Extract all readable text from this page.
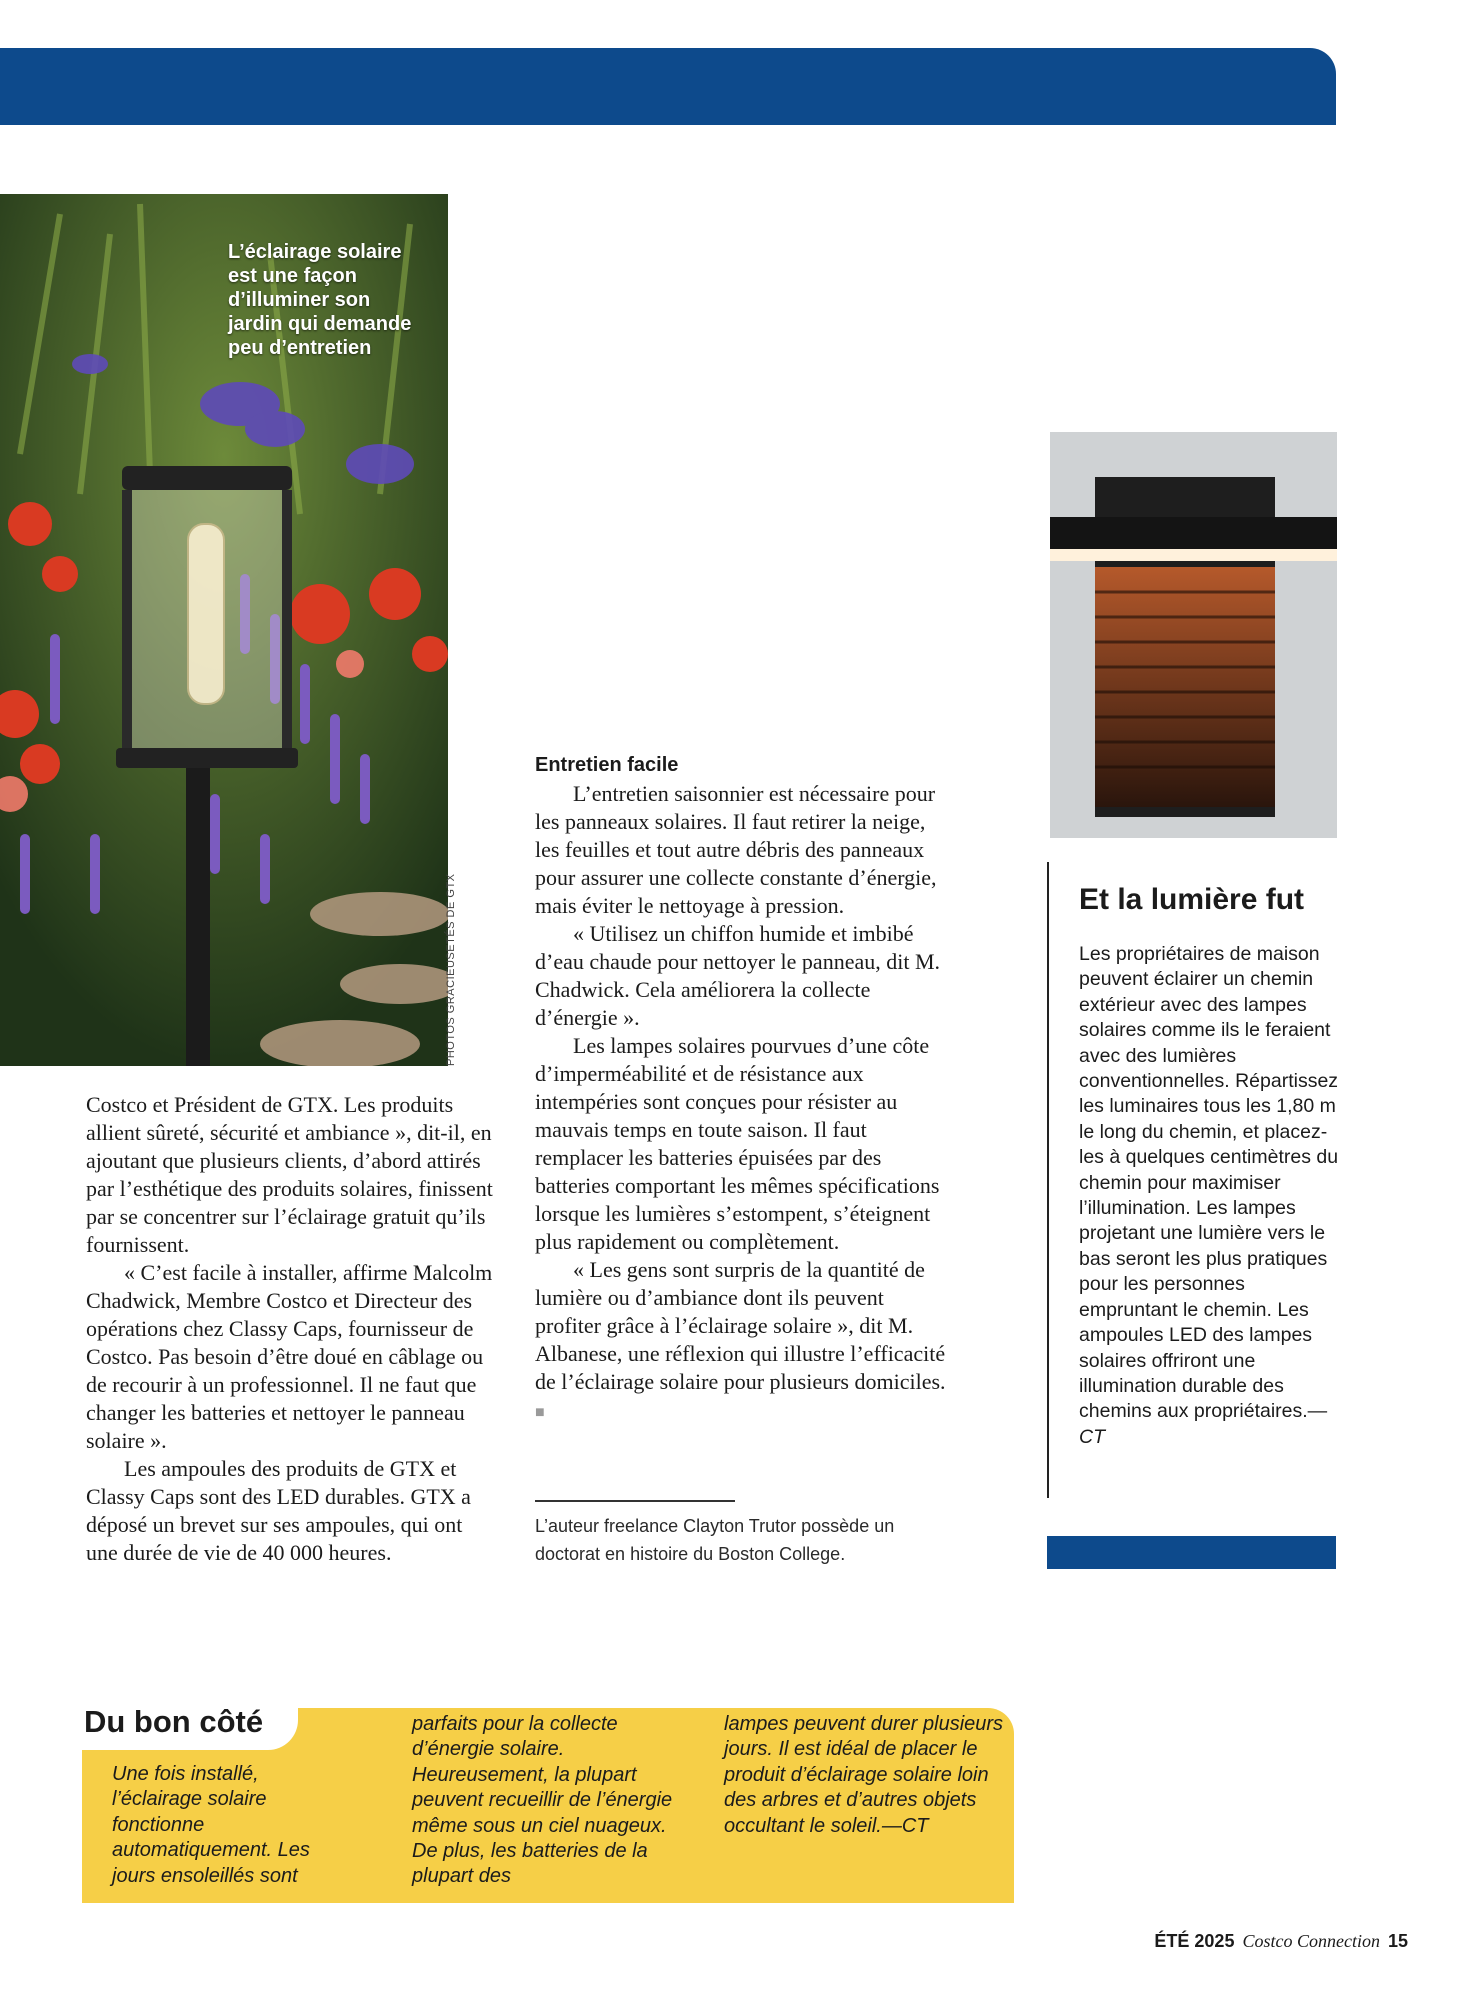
L’éclairage solaire est une façon d’illuminer son jardin qui demande peu d’entretien
PHOTOS GRACIEUSETÉS DE GTX

Costco et Président de GTX. Les produits allient sûreté, sécurité et ambiance », dit-il, en ajoutant que plusieurs clients, d’abord attirés par l’esthétique des produits solaires, finissent par se concentrer sur l’éclairage gratuit qu’ils fournissent.

« C’est facile à installer, affirme Malcolm Chadwick, Membre Costco et Directeur des opérations chez Classy Caps, fournisseur de Costco. Pas besoin d’être doué en câblage ou de recourir à un professionnel. Il ne faut que changer les batteries et nettoyer le panneau solaire ».

Les ampoules des produits de GTX et Classy Caps sont des LED durables. GTX a déposé un brevet sur ses ampoules, qui ont une durée de vie de 40 000 heures.

Entretien facile

L’entretien saisonnier est nécessaire pour les panneaux solaires. Il faut retirer la neige, les feuilles et tout autre débris des panneaux pour assurer une collecte constante d’énergie, mais éviter le nettoyage à pression.

« Utilisez un chiffon humide et imbibé d’eau chaude pour nettoyer le panneau, dit M. Chadwick. Cela améliorera la collecte d’énergie ».

Les lampes solaires pourvues d’une côte d’imperméabilité et de résistance aux intempéries sont conçues pour résister au mauvais temps en toute saison. Il faut remplacer les batteries épuisées par des batteries comportant les mêmes spécifications lorsque les lumières s’estompent, s’éteignent plus rapidement ou complètement.

« Les gens sont surpris de la quantité de lumière ou d’ambiance dont ils peuvent profiter grâce à l’éclairage solaire », dit M. Albanese, une réflexion qui illustre l’efficacité de l’éclairage solaire pour plusieurs domiciles. ■

L’auteur freelance Clayton Trutor possède un doctorat en histoire du Boston College.
Et la lumière fut
Les propriétaires de maison peuvent éclairer un chemin extérieur avec des lampes solaires comme ils le feraient avec des lumières conventionnelles. Répartissez les luminaires tous les 1,80 m le long du chemin, et placez-les à quelques centimètres du chemin pour maximiser l’illumination. Les lampes projetant une lumière vers le bas seront les plus pratiques pour les personnes empruntant le chemin. Les ampoules LED des lampes solaires offriront une illumination durable des chemins aux propriétaires.—CT
Du bon côté
Une fois installé, l’éclairage solaire fonctionne automatiquement. Les jours ensoleillés sont
parfaits pour la collecte d’énergie solaire. Heureusement, la plupart peuvent recueillir de l’énergie même sous un ciel nuageux. De plus, les batteries de la plupart des
lampes peuvent durer plusieurs jours. Il est idéal de placer le produit d’éclairage solaire loin des arbres et d’autres objets occultant le soleil.—CT
ÉTÉ 2025 Costco Connection 15
